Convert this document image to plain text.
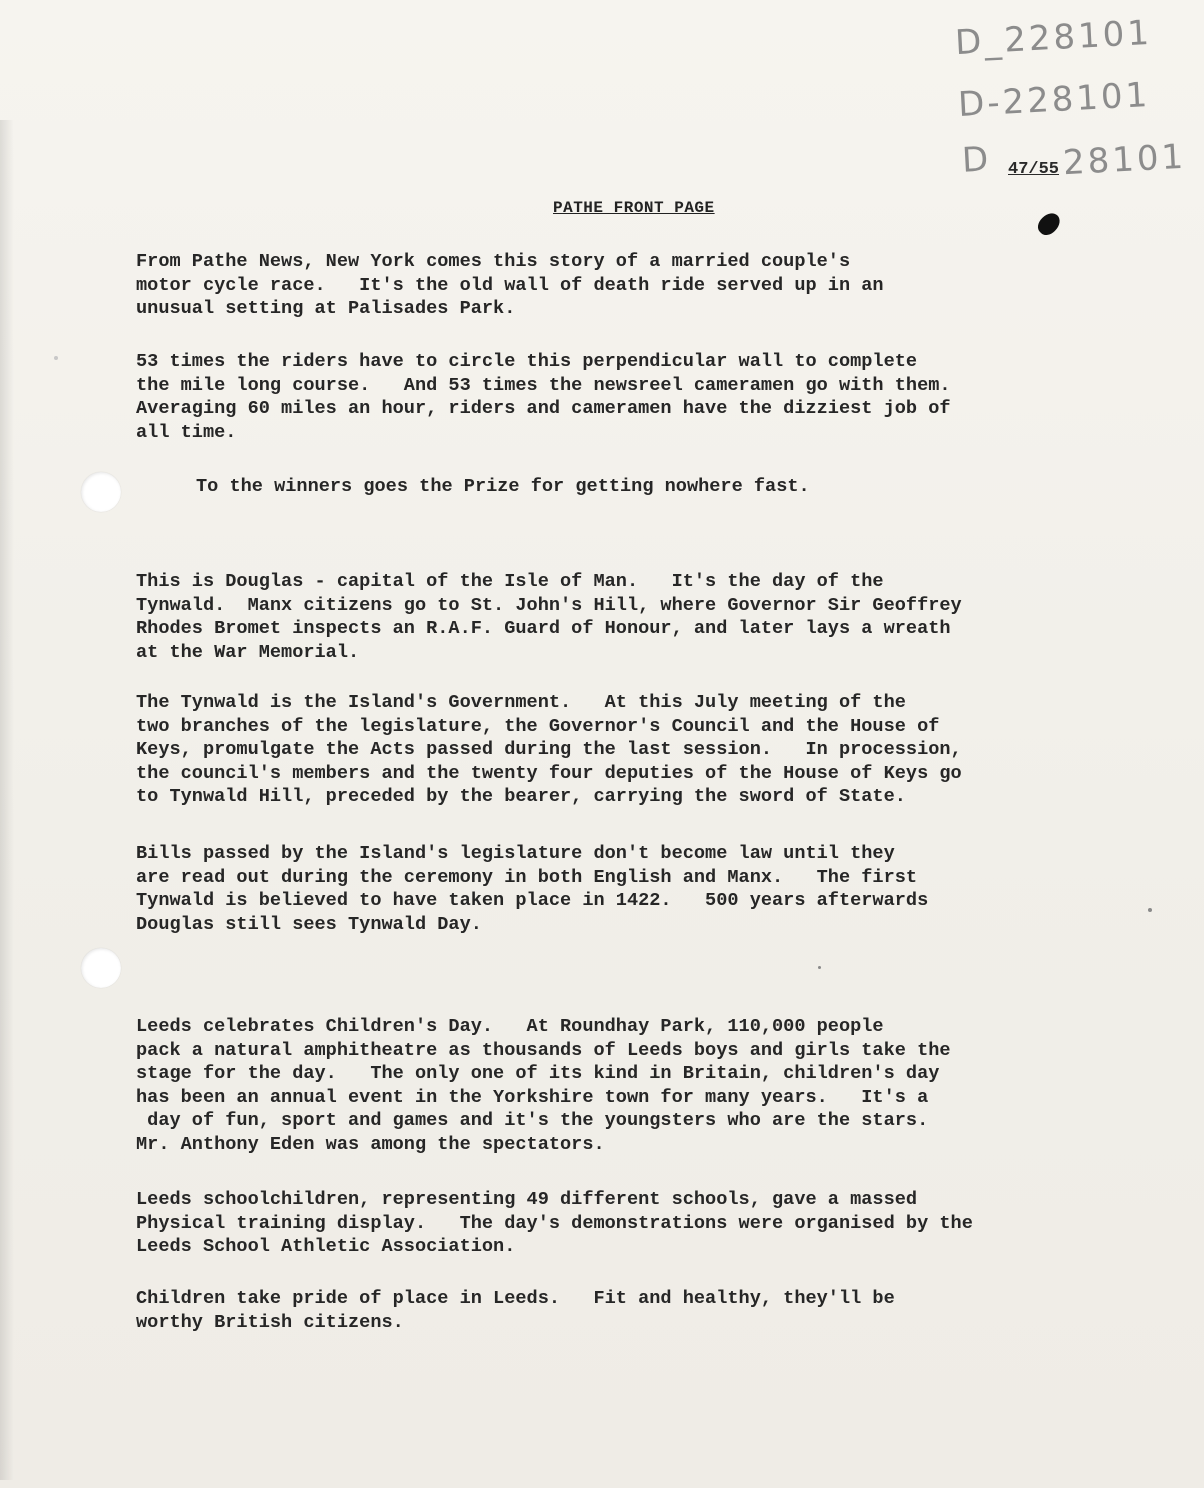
D_228101
D-228101
D 47/55 28101
PATHE FRONT PAGE

From Pathe News, New York comes this story of a married couple's
motor cycle race.   It's the old wall of death ride served up in an
unusual setting at Palisades Park.

53 times the riders have to circle this perpendicular wall to complete
the mile long course.   And 53 times the newsreel cameramen go with them.
Averaging 60 miles an hour, riders and cameramen have the dizziest job of
all time.

To the winners goes the Prize for getting nowhere fast.

This is Douglas - capital of the Isle of Man.   It's the day of the
Tynwald.  Manx citizens go to St. John's Hill, where Governor Sir Geoffrey
Rhodes Bromet inspects an R.A.F. Guard of Honour, and later lays a wreath
at the War Memorial.

The Tynwald is the Island's Government.   At this July meeting of the
two branches of the legislature, the Governor's Council and the House of
Keys, promulgate the Acts passed during the last session.   In procession,
the council's members and the twenty four deputies of the House of Keys go
to Tynwald Hill, preceded by the bearer, carrying the sword of State.

Bills passed by the Island's legislature don't become law until they
are read out during the ceremony in both English and Manx.   The first
Tynwald is believed to have taken place in 1422.   500 years afterwards
Douglas still sees Tynwald Day.

Leeds celebrates Children's Day.   At Roundhay Park, 110,000 people
pack a natural amphitheatre as thousands of Leeds boys and girls take the
stage for the day.   The only one of its kind in Britain, children's day
has been an annual event in the Yorkshire town for many years.   It's a
day of fun, sport and games and it's the youngsters who are the stars.
Mr. Anthony Eden was among the spectators.

Leeds schoolchildren, representing 49 different schools, gave a massed
Physical training display.   The day's demonstrations were organised by the
Leeds School Athletic Association.

Children take pride of place in Leeds.   Fit and healthy, they'll be
worthy British citizens.
